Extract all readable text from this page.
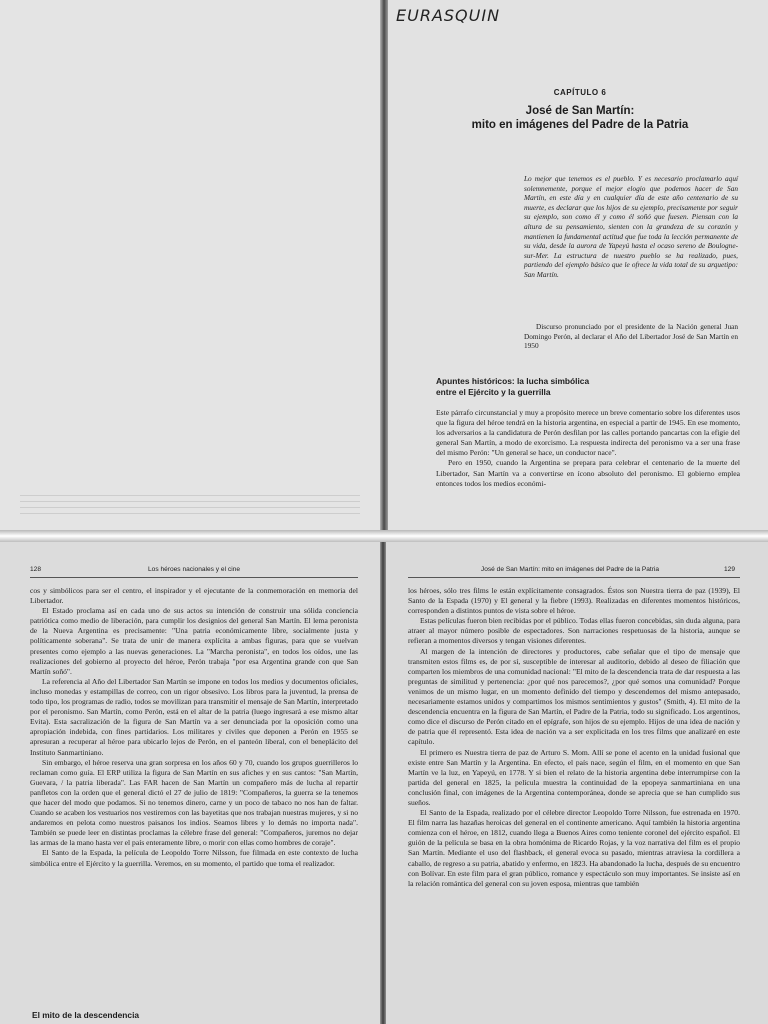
EURASQUIN
CAPÍTULO 6
José de San Martín:
mito en imágenes del Padre de la Patria
Lo mejor que tenemos es el pueblo. Y es necesario proclamarlo aquí solemnemente, porque el mejor elogio que podemos hacer de San Martín, en este día y en cualquier día de este año centenario de su muerte, es declarar que los hijos de su ejemplo, precisamente por seguir su ejemplo, son como él y como él soñó que fuesen. Piensan con la altura de su pensamiento, sienten con la grandeza de su corazón y mantienen la fundamental actitud que fue toda la lección permanente de su vida, desde la aurora de Yapeyú hasta el ocaso sereno de Boulogne-sur-Mer. La estructura de nuestro pueblo se ha realizado, pues, partiendo del ejemplo básico que le ofrece la vida total de su arquetipo: San Martín.
Discurso pronunciado por el presidente de la Nación general Juan Domingo Perón, al declarar el Año del Libertador José de San Martín en 1950
Apuntes históricos: la lucha simbólica
entre el Ejército y la guerrilla

Este párrafo circunstancial y muy a propósito merece un breve comentario sobre los diferentes usos que la figura del héroe tendrá en la historia argentina, en especial a partir de 1945. En ese momento, los adversarios a la candidatura de Perón desfilan por las calles portando pancartas con la efigie del general San Martín, a modo de exorcismo. La respuesta indirecta del peronismo va a ser una frase del mismo Perón: "Un general se hace, un conductor nace".

Pero en 1950, cuando la Argentina se prepara para celebrar el centenario de la muerte del Libertador, San Martín va a convertirse en ícono absoluto del peronismo. El gobierno emplea entonces todos los medios económi-

128	Los héroes nacionales y el cine	José de San Martín: mito en imágenes del Padre de la Patria	129

cos y simbólicos para ser el centro, el inspirador y el ejecutante de la conmemoración en memoria del Libertador.

El Estado proclama así en cada uno de sus actos su intención de construir una sólida conciencia patriótica como medio de liberación, para cumplir los designios del general San Martín. El lema peronista de la Nueva Argentina es precisamente: "Una patria económicamente libre, socialmente justa y políticamente soberana". Se trata de unir de manera explícita a ambas figuras, para que se vuelvan presentes como ejemplo a las nuevas generaciones. La "Marcha peronista", en todos los oídos, une las realizaciones del gobierno al proyecto del héroe, Perón trabaja "por esa Argentina grande con que San Martín soñó".

La referencia al Año del Libertador San Martín se impone en todos los medios y documentos oficiales, incluso monedas y estampillas de correo, con un rigor obsesivo. Los libros para la juventud, la prensa de todo tipo, los programas de radio, todos se movilizan para transmitir el mensaje de San Martín, interpretado por el peronismo. San Martín, como Perón, está en el altar de la patria (luego ingresará a ese mismo altar Evita). Esta sacralización de la figura de San Martín va a ser denunciada por la oposición como una apropiación indebida, con fines partidarios. Los militares y civiles que deponen a Perón en 1955 se apresuran a recuperar al héroe para ubicarlo lejos de Perón, en el panteón liberal, con el beneplácito del Instituto Sanmartiniano.

Sin embargo, el héroe reserva una gran sorpresa en los años 60 y 70, cuando los grupos guerrilleros lo reclaman como guía. El ERP utiliza la figura de San Martín en sus afiches y en sus cantos: "San Martín, Guevara, / la patria liberada". Las FAR hacen de San Martín un compañero más de lucha al repartir panfletos con la orden que el general dictó el 27 de julio de 1819: "Compañeros, la guerra se la tenemos que hacer del modo que podamos. Si no tenemos dinero, carne y un poco de tabaco no nos han de faltar. Cuando se acaben los vestuarios nos vestiremos con las bayetitas que nos trabajan nuestras mujeres, y si no andaremos en pelota como nuestros paisanos los indios. Seamos libres y lo demás no importa nada". También se puede leer en distintas proclamas la célebre frase del general: "Compañeros, juremos no dejar las armas de la mano hasta ver el país enteramente libre, o morir con ellas como hombres de coraje".

El Santo de la Espada, la película de Leopoldo Torre Nilsson, fue filmada en este contexto de lucha simbólica entre el Ejército y la guerrilla. Veremos, en su momento, el partido que toma el realizador.

El mito de la descendencia

los héroes, sólo tres films le están explícitamente consagrados. Éstos son Nuestra tierra de paz (1939), El Santo de la Espada (1970) y El general y la fiebre (1993). Realizadas en diferentes momentos históricos, corresponden a distintos puntos de vista sobre el héroe.

Estas películas fueron bien recibidas por el público. Todas ellas fueron concebidas, sin duda alguna, para atraer al mayor número posible de espectadores. Son narraciones respetuosas de la historia, aunque se refieran a momentos diversos y tengan visiones diferentes.

Al margen de la intención de directores y productores, cabe señalar que el tipo de mensaje que transmiten estos films es, de por sí, susceptible de interesar al auditorio, debido al deseo de filiación que comparten los miembros de una comunidad nacional: "El mito de la descendencia trata de dar respuesta a las preguntas de similitud y pertenencia: ¿por qué nos parecemos?, ¿por qué somos una comunidad? Porque venimos de un mismo lugar, en un momento definido del tiempo y descendemos del mismo antepasado, necesariamente estamos unidos y compartimos los mismos sentimientos y gustos" (Smith, 4). El mito de la descendencia encuentra en la figura de San Martín, el Padre de la Patria, todo su significado. Los argentinos, como dice el discurso de Perón citado en el epígrafe, son hijos de su ejemplo. Hijos de una idea de nación y de patria que él representó. Esta idea de nación va a ser explicitada en los tres films que analizaré en este capítulo.

El primero es Nuestra tierra de paz de Arturo S. Mom. Allí se pone el acento en la unidad fusional que existe entre San Martín y la Argentina. En efecto, el país nace, según el film, en el momento en que San Martín ve la luz, en Yapeyú, en 1778. Y si bien el relato de la historia argentina debe interrumpirse con la partida del general en 1825, la película muestra la continuidad de la epopeya sanmartiniana en una conclusión final, con imágenes de la Argentina contemporánea, donde se aprecia que se han cumplido sus sueños.

El Santo de la Espada, realizado por el célebre director Leopoldo Torre Nilsson, fue estrenada en 1970. El film narra las hazañas heroicas del general en el continente americano. Aquí también la historia argentina comienza con el héroe, en 1812, cuando llega a Buenos Aires como teniente coronel del ejército español. El guión de la película se basa en la obra homónima de Ricardo Rojas, y la voz narrativa del film es el propio San Martín. Mediante el uso del flashback, el general evoca su pasado, mientras atraviesa la cordillera a caballo, de regreso a su patria, abatido y enfermo, en 1823. Ha abandonado la lucha, después de su encuentro con Bolívar. En este film para el gran público, romance y espectáculo son muy importantes. Se insiste así en la relación romántica del general con su joven esposa, mientras que también
